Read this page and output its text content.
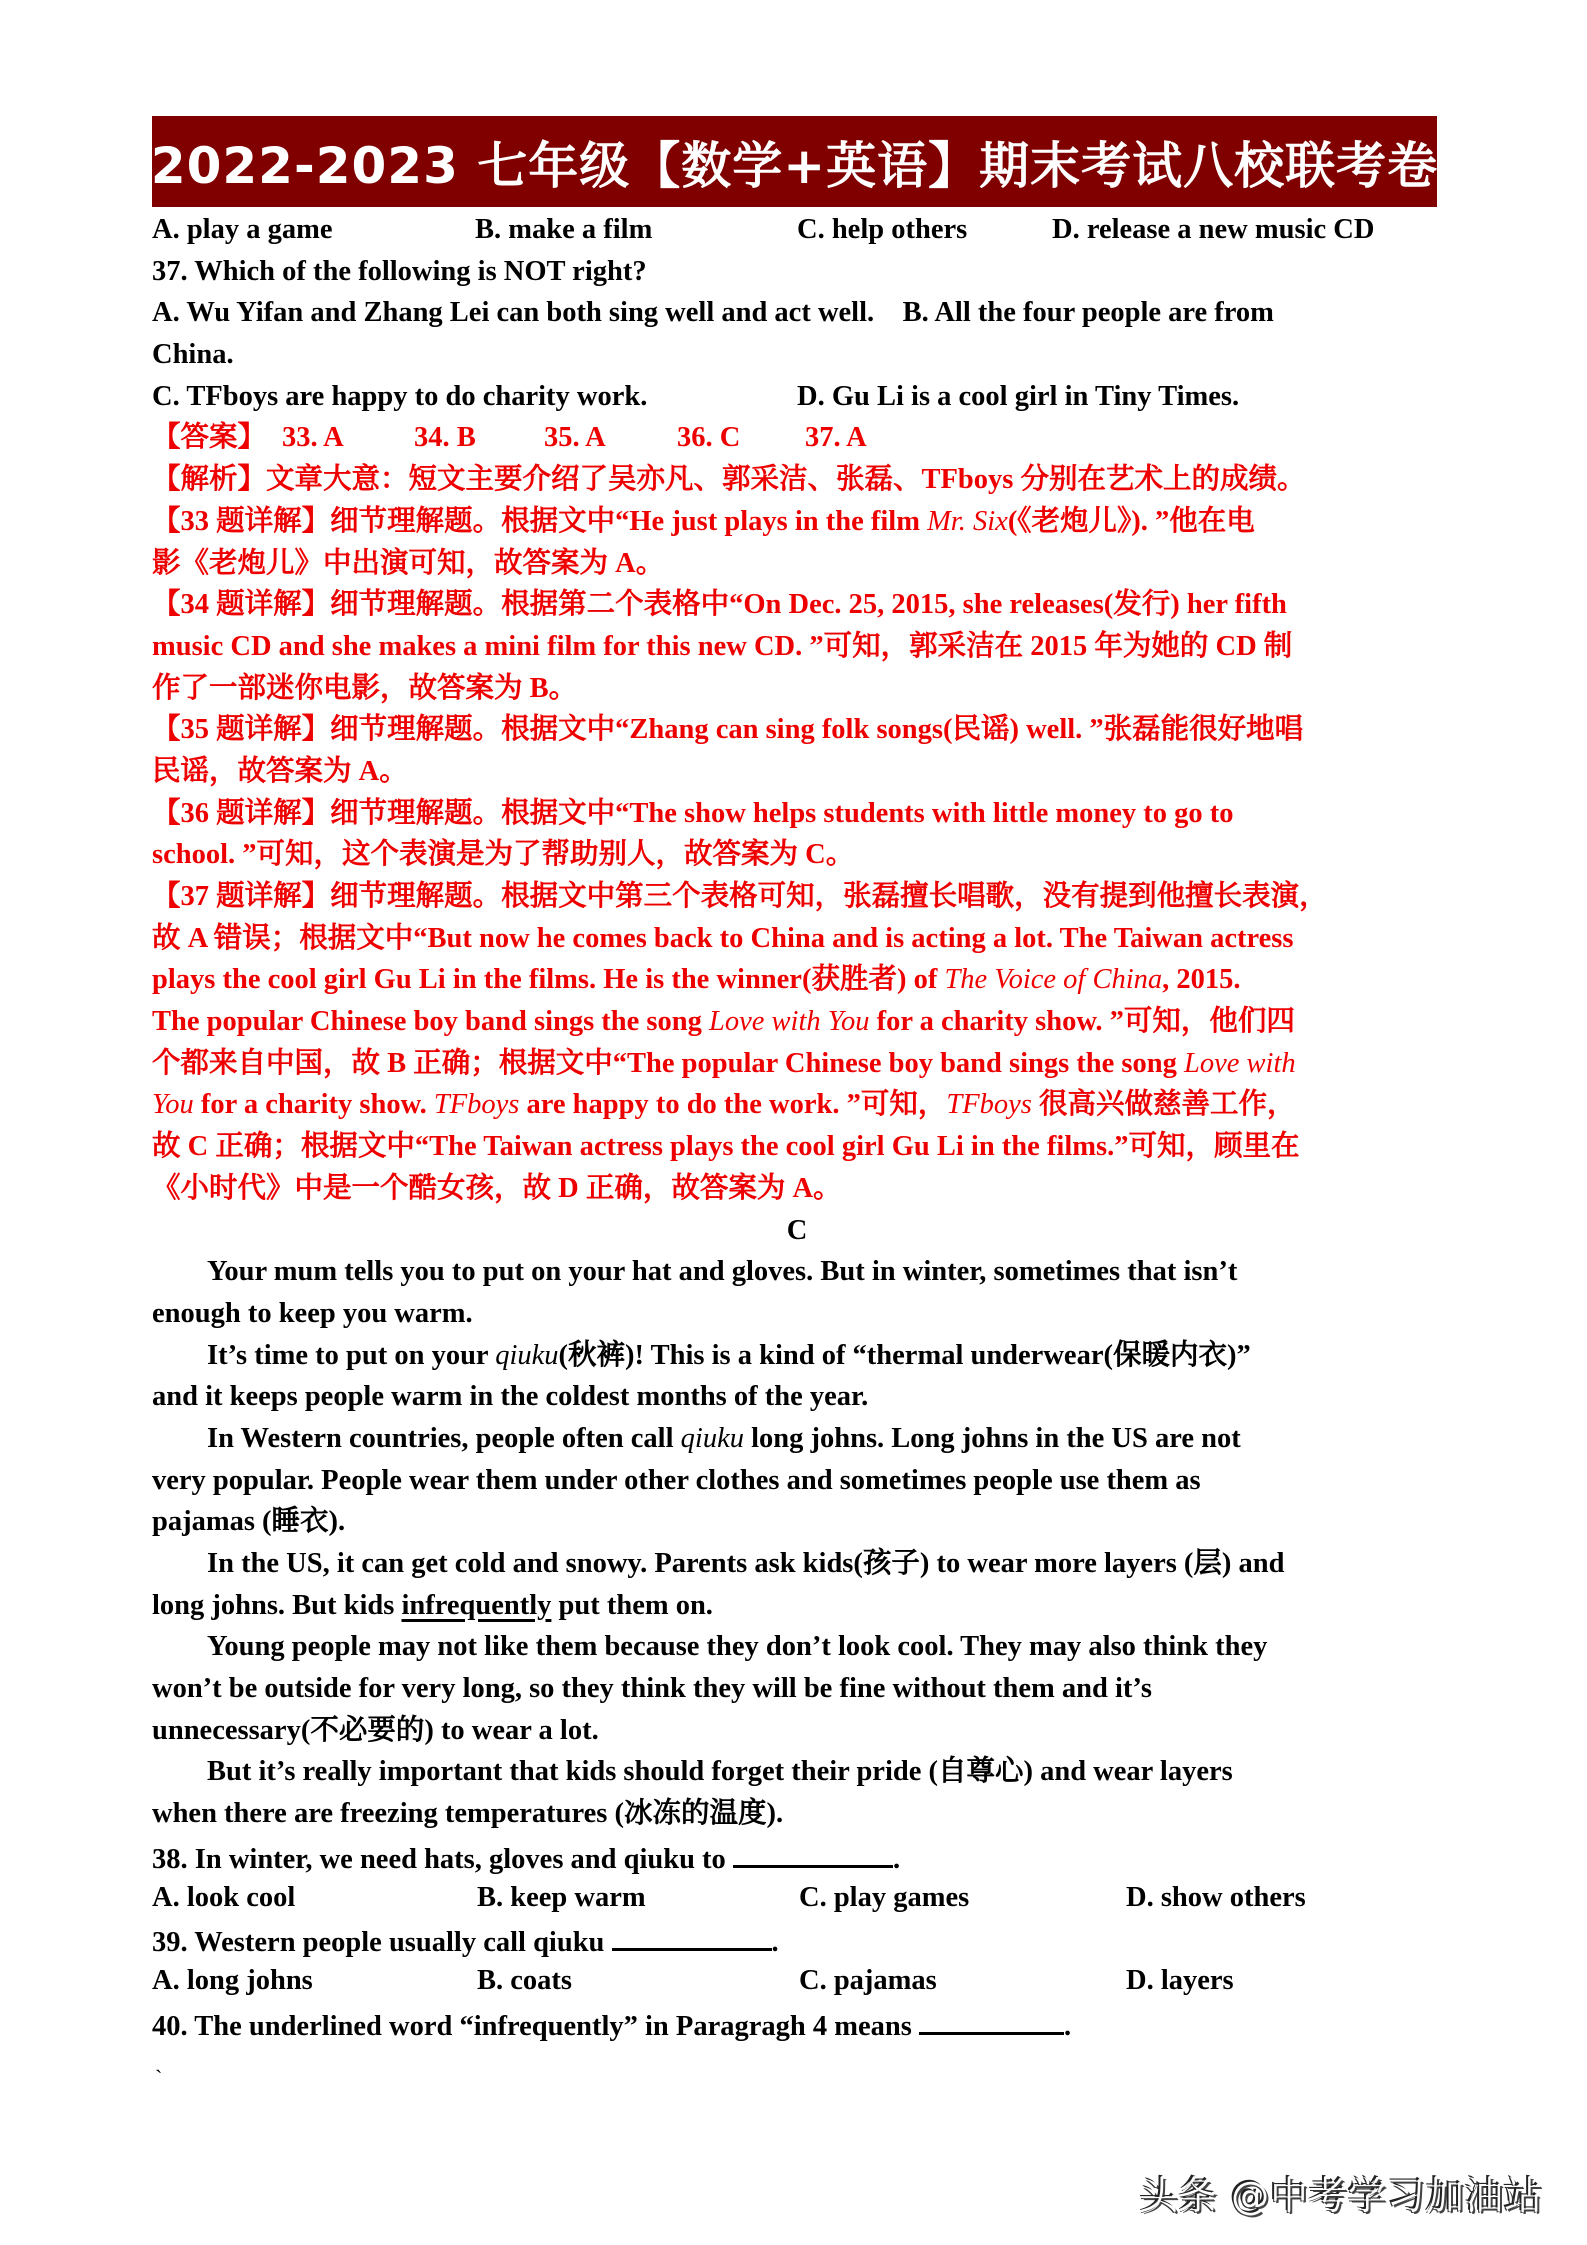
2022-2023 七年级【数学+英语】期末考试八校联考卷
A. play a game	B. make a film	C. help others	D. release a new music CD
37. Which of the following is NOT right?
A. Wu Yifan and Zhang Lei can both sing well and act well. B. All the four people are from
China.
C. TFboys are happy to do charity work.	D. Gu Li is a cool girl in Tiny Times.
【答案】 33. A	34. B	35. A	36. C	37. A
【解析】文章大意：短文主要介绍了吴亦凡、郭采洁、张磊、TFboys 分别在艺术上的成绩。
【33 题详解】细节理解题。根据文中“He just plays in the film Mr. Six(《老炮儿》). ”他在电
影《老炮儿》中出演可知，故答案为 A。
【34 题详解】细节理解题。根据第二个表格中“On Dec. 25, 2015, she releases(发行) her fifth
music CD and she makes a mini film for this new CD. ”可知，郭采洁在 2015 年为她的 CD 制
作了一部迷你电影，故答案为 B。
【35 题详解】细节理解题。根据文中“Zhang can sing folk songs(民谣) well. ”张磊能很好地唱
民谣，故答案为 A。
【36 题详解】细节理解题。根据文中“The show helps students with little money to go to
school. ”可知，这个表演是为了帮助别人，故答案为 C。
【37 题详解】细节理解题。根据文中第三个表格可知，张磊擅长唱歌，没有提到他擅长表演，
故 A 错误；根据文中“But now he comes back to China and is acting a lot. The Taiwan actress
plays the cool girl Gu Li in the films. He is the winner(获胜者) of The Voice of China, 2015.
The popular Chinese boy band sings the song Love with You for a charity show. ”可知，他们四
个都来自中国，故 B 正确；根据文中“The popular Chinese boy band sings the song Love with
You for a charity show. TFboys are happy to do the work. ”可知，TFboys 很高兴做慈善工作，
故 C 正确；根据文中“The Taiwan actress plays the cool girl Gu Li in the films.”可知，顾里在
《小时代》中是一个酷女孩，故 D 正确，故答案为 A。
C
Your mum tells you to put on your hat and gloves. But in winter, sometimes that isn’t
enough to keep you warm.
It’s time to put on your qiuku(秋裤)! This is a kind of “thermal underwear(保暖内衣)”
and it keeps people warm in the coldest months of the year.
In Western countries, people often call qiuku long johns. Long johns in the US are not
very popular. People wear them under other clothes and sometimes people use them as
pajamas (睡衣).
In the US, it can get cold and snowy. Parents ask kids(孩子) to wear more layers (层) and
long johns. But kids infrequently put them on.
Young people may not like them because they don’t look cool. They may also think they
won’t be outside for very long, so they think they will be fine without them and it’s
unnecessary(不必要的) to wear a lot.
But it’s really important that kids should forget their pride (自尊心) and wear layers
when there are freezing temperatures (冰冻的温度).
38. In winter, we need hats, gloves and qiuku to	.
A. look cool	B. keep warm	C. play games	D. show others
39. Western people usually call qiuku	.
A. long johns	B. coats	C. pajamas	D. layers
40. The underlined word “infrequently” in Paragragh 4 means	.
`
头条 @中考学习加油站
